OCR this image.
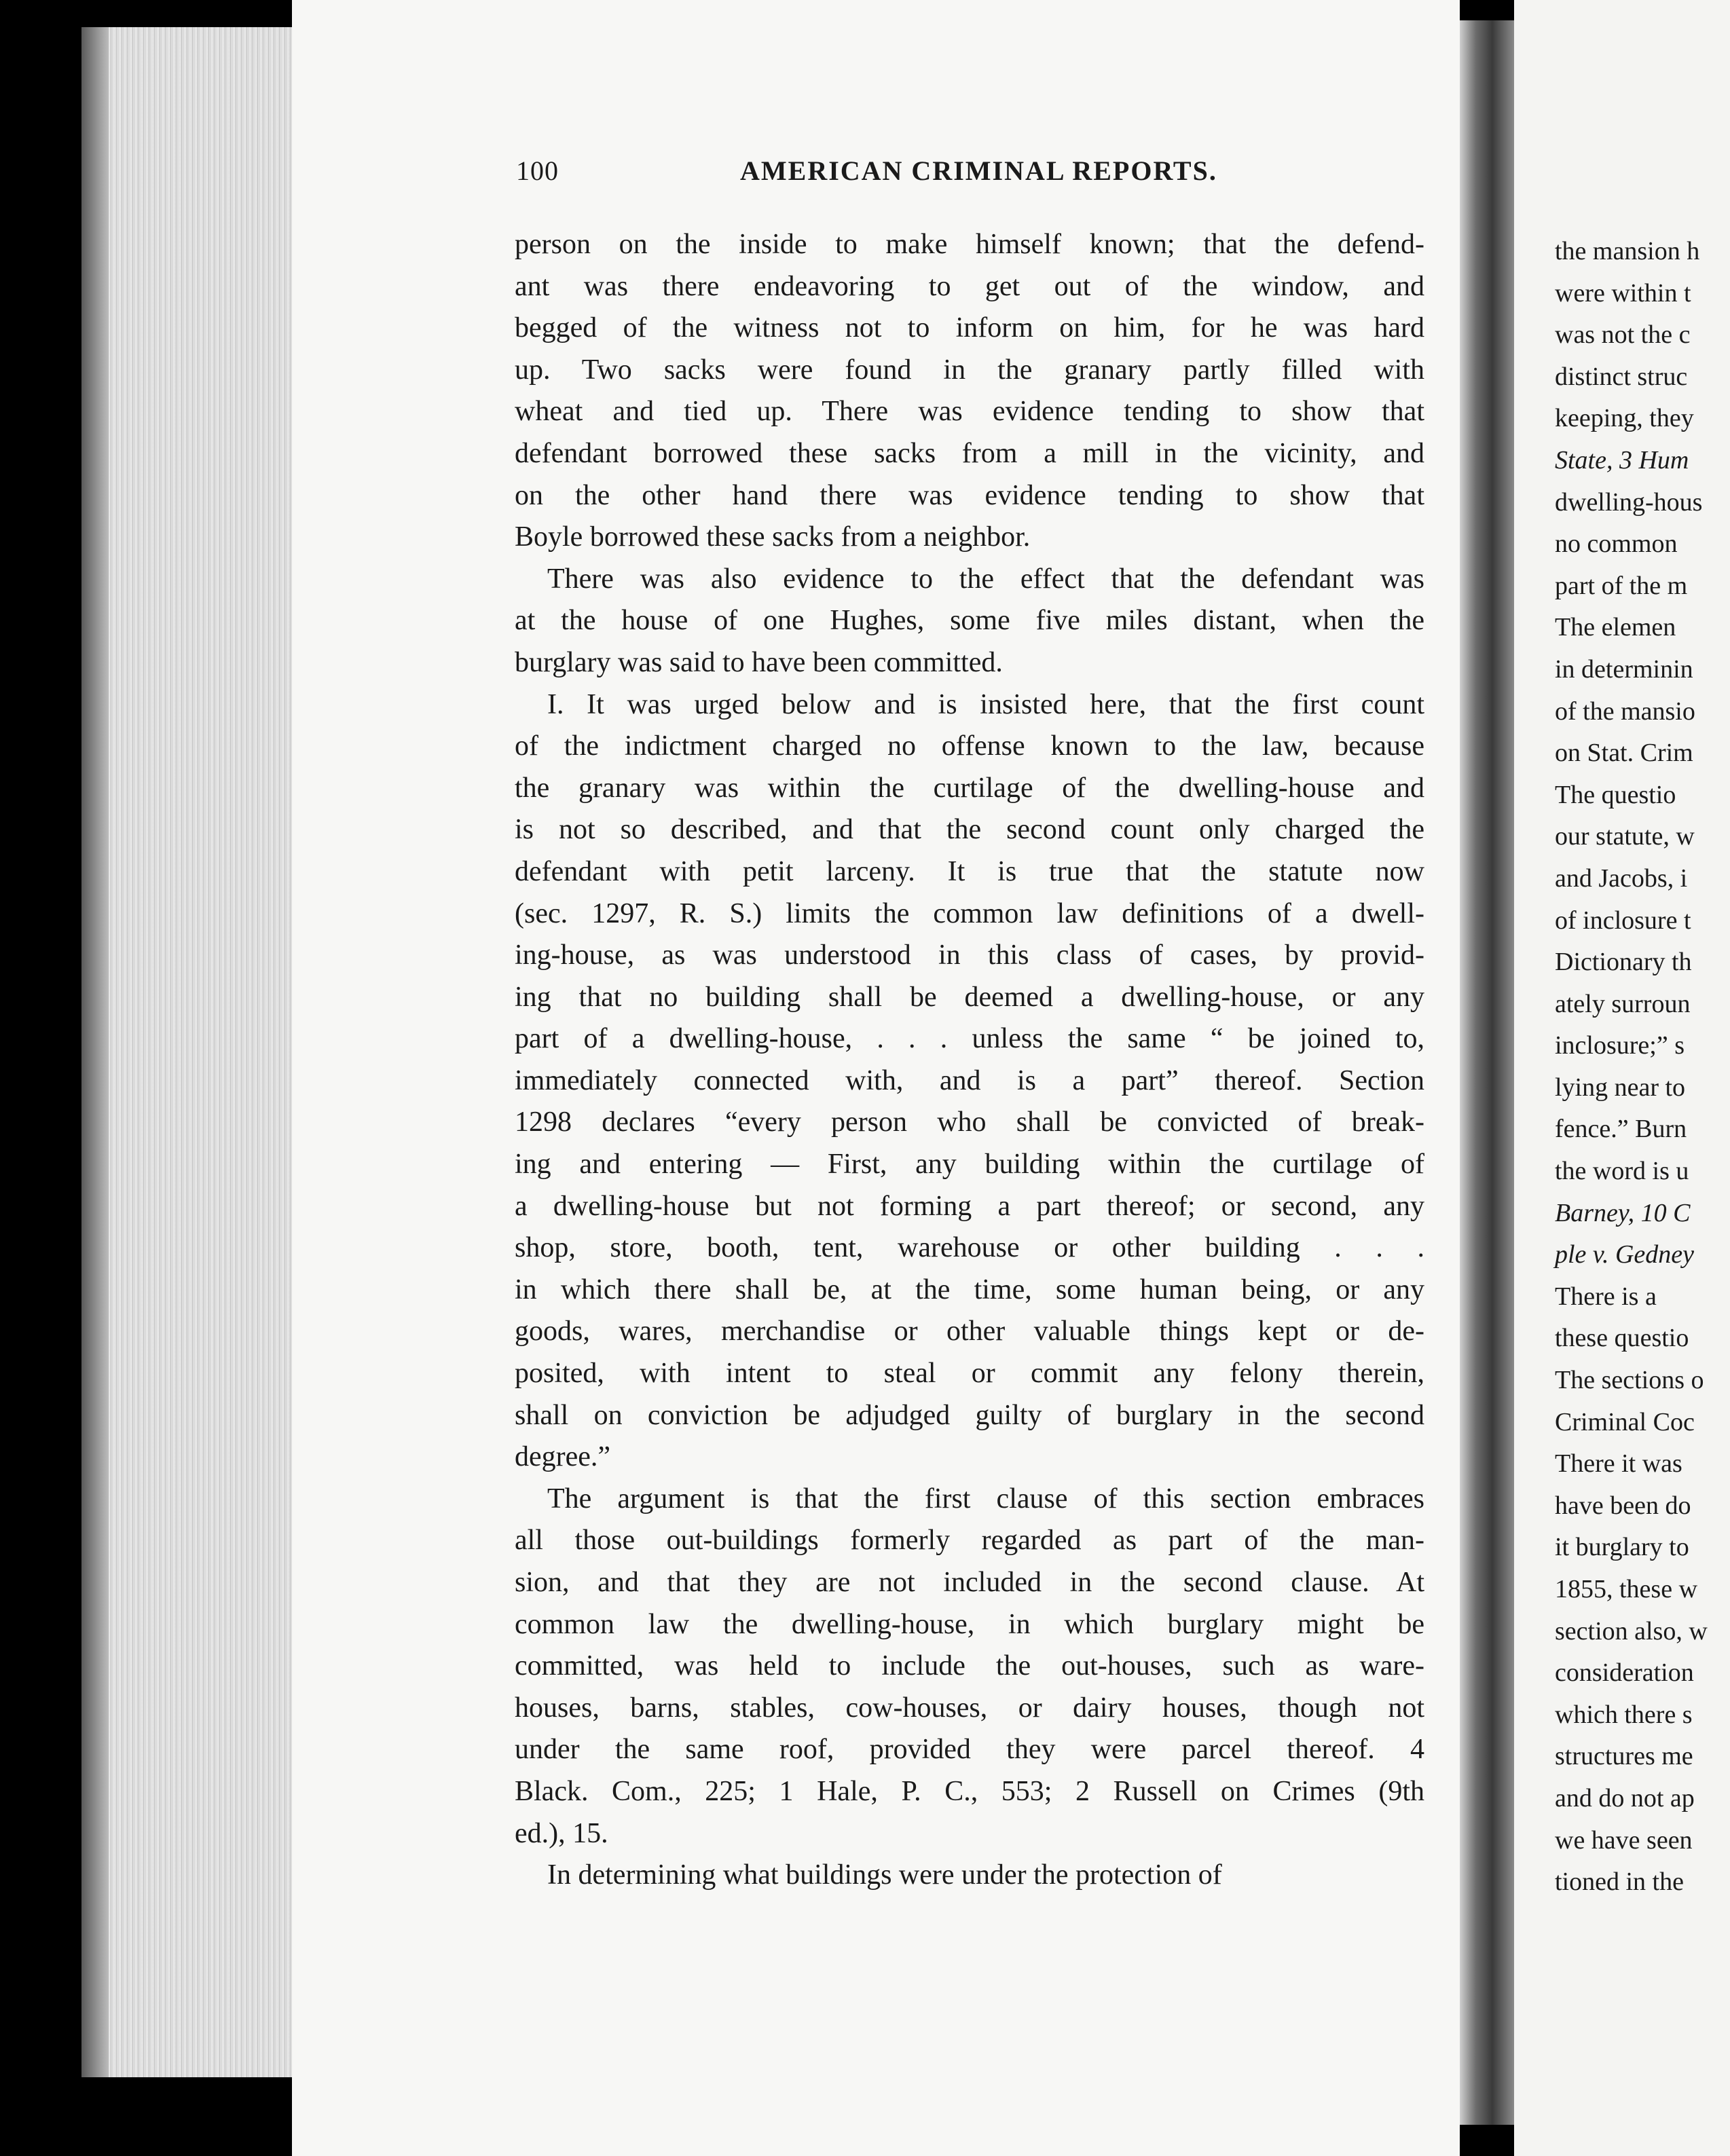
the mansion h
were within t
was not the c
distinct struc
keeping, they
State, 3 Hum
dwelling-hous
no common
part of the m
The elemen
in determinin
of the mansio
on Stat. Crim
The questio
our statute, w
and Jacobs, i
of inclosure t
Dictionary th
ately surroun
inclosure;” s
lying near to
fence.” Burn
the word is u
Barney, 10 C
ple v. Gedney
There is a
these questio
The sections o
Criminal Coc
There it was
have been do
it burglary to
1855, these w
section also, w
consideration
which there s
structures me
and do not ap
we have seen
tioned in the
100	AMERICAN CRIMINAL REPORTS.
person on the inside to make himself known; that the defend-
ant was there endeavoring to get out of the window, and
begged of the witness not to inform on him, for he was hard
up. Two sacks were found in the granary partly filled with
wheat and tied up. There was evidence tending to show that
defendant borrowed these sacks from a mill in the vicinity, and
on the other hand there was evidence tending to show that
Boyle borrowed these sacks from a neighbor.
There was also evidence to the effect that the defendant was
at the house of one Hughes, some five miles distant, when the
burglary was said to have been committed.
I. It was urged below and is insisted here, that the first count
of the indictment charged no offense known to the law, because
the granary was within the curtilage of the dwelling-house and
is not so described, and that the second count only charged the
defendant with petit larceny. It is true that the statute now
(sec. 1297, R. S.) limits the common law definitions of a dwell-
ing-house, as was understood in this class of cases, by provid-
ing that no building shall be deemed a dwelling-house, or any
part of a dwelling-house, . . . unless the same “ be joined to,
immediately connected with, and is a part” thereof. Section
1298 declares “every person who shall be convicted of break-
ing and entering — First, any building within the curtilage of
a dwelling-house but not forming a part thereof; or second, any
shop, store, booth, tent, warehouse or other building . . .
in which there shall be, at the time, some human being, or any
goods, wares, merchandise or other valuable things kept or de-
posited, with intent to steal or commit any felony therein,
shall on conviction be adjudged guilty of burglary in the second
degree.”
The argument is that the first clause of this section embraces
all those out-buildings formerly regarded as part of the man-
sion, and that they are not included in the second clause. At
common law the dwelling-house, in which burglary might be
committed, was held to include the out-houses, such as ware-
houses, barns, stables, cow-houses, or dairy houses, though not
under the same roof, provided they were parcel thereof. 4
Black. Com., 225; 1 Hale, P. C., 553; 2 Russell on Crimes (9th
ed.), 15.
In determining what buildings were under the protection of
